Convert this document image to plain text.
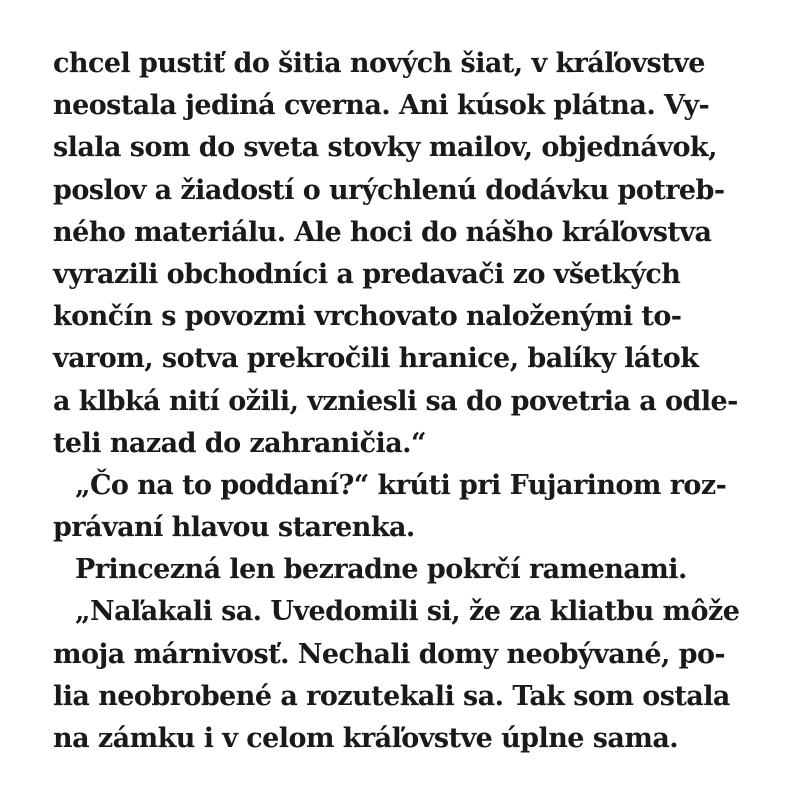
chcel pustiť do šitia nových šiat, v kráľovstve
neostala jediná cverna. Ani kúsok plátna. Vy-
slala som do sveta stovky mailov, objednávok,
poslov a žiadostí o urýchlenú dodávku potreb-
ného materiálu. Ale hoci do nášho kráľovstva
vyrazili obchodníci a predavači zo všetkých
končín s povozmi vrchovato naloženými to-
varom, sotva prekročili hranice, balíky látok
a klbká nití ožili, vzniesli sa do povetria a odle-
teli nazad do zahraničia.“
„Čo na to poddaní?“ krúti pri Fujarinom roz-
právaní hlavou starenka.
Princezná len bezradne pokrčí ramenami.
„Naľakali sa. Uvedomili si, že za kliatbu môže
moja márnivosť. Nechali domy neobývané, po-
lia neobrobené a rozutekali sa. Tak som ostala
na zámku i v celom kráľovstve úplne sama.
